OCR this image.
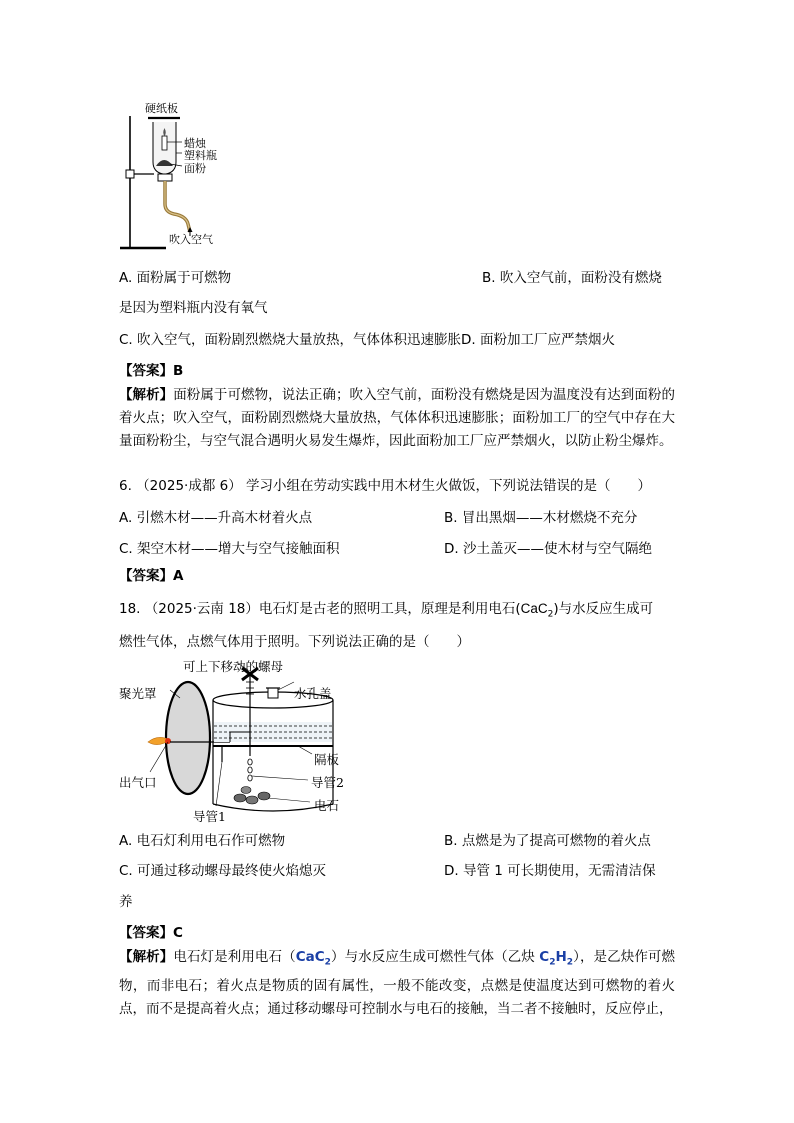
硬纸板
蜡烛
塑料瓶
面粉
吹入空气
A. 面粉属于可燃物	B. 吹入空气前，面粉没有燃烧
是因为塑料瓶内没有氧气
C. 吹入空气，面粉剧烈燃烧大量放热，气体体积迅速膨胀D. 面粉加工厂应严禁烟火
【答案】B
【解析】面粉属于可燃物，说法正确；吹入空气前，面粉没有燃烧是因为温度没有达到面粉的着火点；吹入空气，面粉剧烈燃烧大量放热，气体体积迅速膨胀；面粉加工厂的空气中存在大量面粉粉尘，与空气混合遇明火易发生爆炸，因此面粉加工厂应严禁烟火，以防止粉尘爆炸。
6. （2025·成都 6） 学习小组在劳动实践中用木材生火做饭，下列说法错误的是（　　）
A. 引燃木材——升高木材着火点	B. 冒出黑烟——木材燃烧不充分
C. 架空木材——增大与空气接触面积	D. 沙土盖灭——使木材与空气隔绝
【答案】A
18. （2025·云南 18）电石灯是古老的照明工具，原理是利用电石(CaC$_2$)与水反应生成可
燃性气体，点燃气体用于照明。下列说法正确的是（　　）
可上下移动的螺母
聚光罩	水孔盖
隔板
出气口	导管2
电石
导管1
A. 电石灯利用电石作可燃物	B. 点燃是为了提高可燃物的着火点
C. 可通过移动螺母最终使火焰熄灭	D. 导管 1 可长期使用，无需清洁保
养
【答案】C
【解析】电石灯是利用电石（CaC$_2$）与水反应生成可燃性气体（乙炔 $C_2H_2$），是乙炔作可燃物，而非电石；着火点是物质的固有属性，一般不能改变，点燃是使温度达到可燃物的着火点，而不是提高着火点；通过移动螺母可控制水与电石的接触，当二者不接触时，反应停止，
